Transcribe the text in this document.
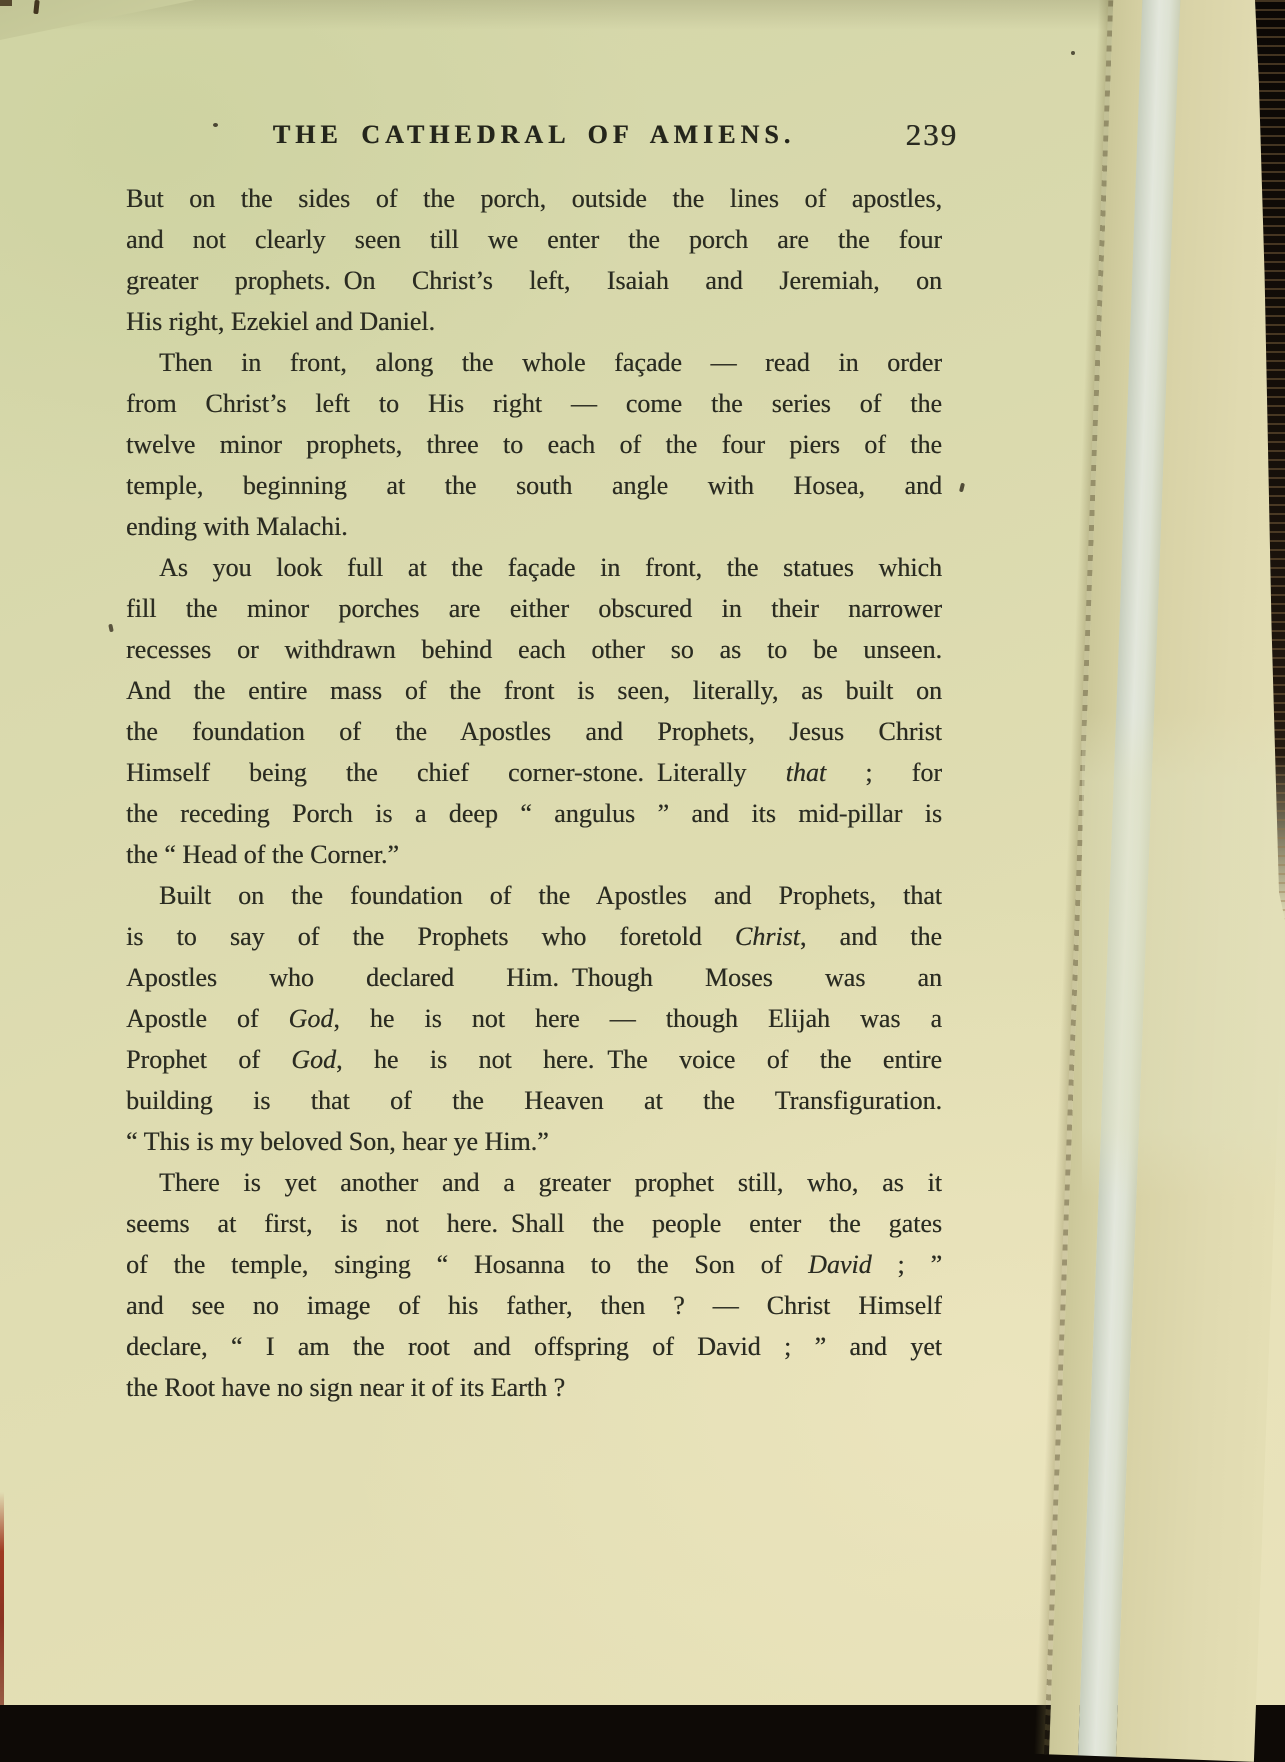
THE CATHEDRAL OF AMIENS.	239
But on the sides of the porch, outside the lines of apostles,
and not clearly seen till we enter the porch are the four
greater prophets. On Christ’s left, Isaiah and Jeremiah, on
His right, Ezekiel and Daniel.
Then in front, along the whole façade — read in order
from Christ’s left to His right — come the series of the
twelve minor prophets, three to each of the four piers of the
temple, beginning at the south angle with Hosea, and
ending with Malachi.
As you look full at the façade in front, the statues which
fill the minor porches are either obscured in their narrower
recesses or withdrawn behind each other so as to be unseen.
And the entire mass of the front is seen, literally, as built on
the foundation of the Apostles and Prophets, Jesus Christ
Himself being the chief corner-stone. Literally that ; for
the receding Porch is a deep “ angulus ” and its mid-pillar is
the “ Head of the Corner.”
Built on the foundation of the Apostles and Prophets, that
is to say of the Prophets who foretold Christ, and the
Apostles who declared Him. Though Moses was an
Apostle of God, he is not here — though Elijah was a
Prophet of God, he is not here. The voice of the entire
building is that of the Heaven at the Transfiguration.
“ This is my beloved Son, hear ye Him.”
There is yet another and a greater prophet still, who, as it
seems at first, is not here. Shall the people enter the gates
of the temple, singing “ Hosanna to the Son of David ; ”
and see no image of his father, then ? — Christ Himself
declare, “ I am the root and offspring of David ; ” and yet
the Root have no sign near it of its Earth ?
